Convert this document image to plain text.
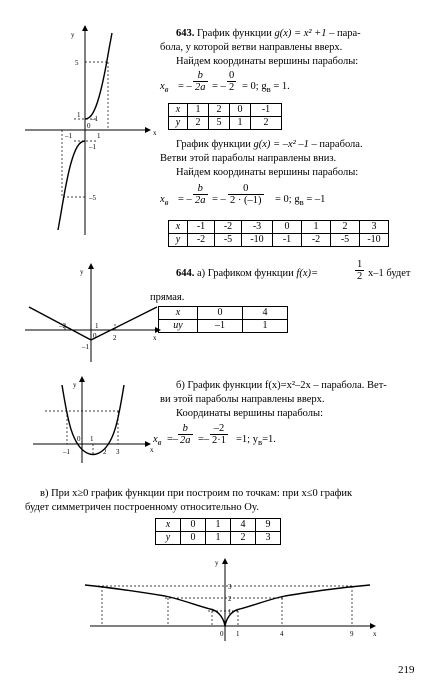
y
x
0
5
–5
1
–1
1
–1
–1
643. График функции g(x) = x² +1 – пара-
бола, у которой ветви направлены вверх.
Найдем координаты вершины параболы:
$x_в$ = – $\frac{b}{2a}$ = – $\frac{0}{2} = 0$; $g_в = 1$.
x	1	2	0	-1
y	2	5	1	2
График функции g(x) = –x² –1 – парабола.
Ветви этой параболы направлены вниз.
Найдем координаты вершины параболы:
$x_в$ = – $\frac{b}{2a}$ = – $\frac{0}{2 \cdot (-1)} = 0$; $g_в = -1$
x	-1	-2	-3	0	1	2	3
y	-2	-5	-10	-1	-2	-5	-10
y
x
0
–2
–1
1
2
644. а) Графиком функции f(x)=	$\frac{1}{2} x-1$ будет
прямая.
x	0	4
uy	–1	1
y
x
0
–1
1
2 3
б) График функции f(x)=x²–2x – парабола. Вет-
ви этой параболы направлены вверх.
Координаты вершины параболы:
$x_в =- \frac{b}{2a} =- \frac{-2}{2\cdot 1} =1$; $y_в=1$.
в) При x≥0 график функции при построим по точкам: при x≤0 график
будет симметричен построенному относительно Oy.
x	0	1	4	9
y	0	1	2	3
y
x
0 1	4	9
3
2
1
219
